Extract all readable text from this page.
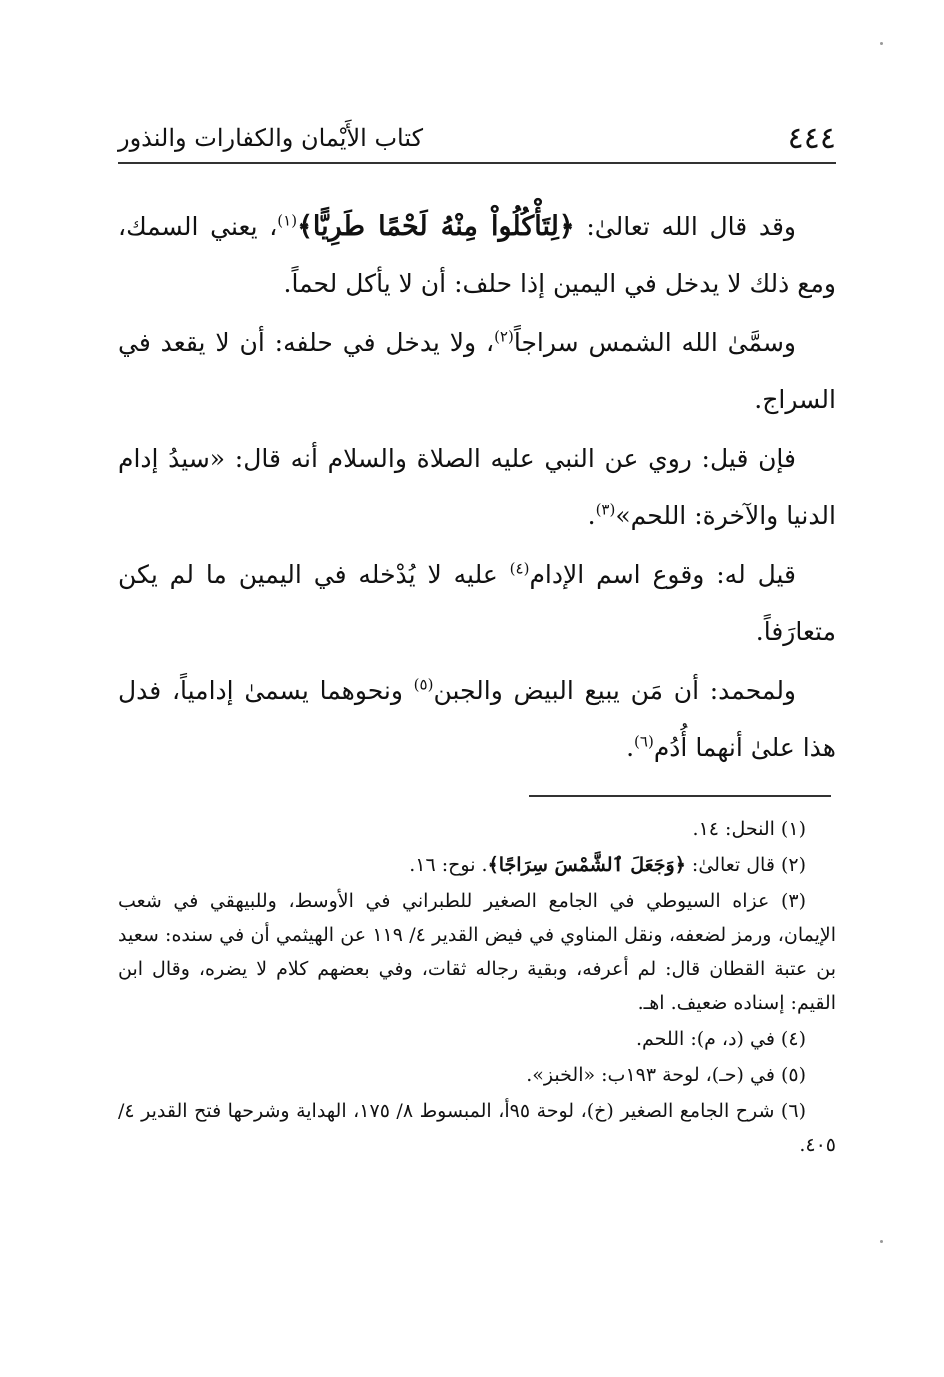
٤٤٤
كتاب الأَيْمان والكفارات والنذور

وقد قال الله تعالىٰ: ﴿لِتَأْكُلُواْ مِنْهُ لَحْمًا طَرِيًّا﴾$^{(١)}$، يعني السمك، ومع ذلك لا يدخل في اليمين إذا حلف: أن لا يأكل لحماً.

وسمَّىٰ الله الشمس سراجاً$^{(٢)}$، ولا يدخل في حلفه: أن لا يقعد في السراج.

فإن قيل: روي عن النبي عليه الصلاة والسلام أنه قال: «سيدُ إدام الدنيا والآخرة: اللحم»$^{(٣)}$.

قيل له: وقوع اسم الإدام$^{(٤)}$ عليه لا يُدْخله في اليمين ما لم يكن متعارَفاً.

ولمحمد: أن مَن يبيع البيض والجبن$^{(٥)}$ ونحوهما يسمىٰ إدامياً، فدل هذا علىٰ أنهما أُدُم$^{(٦)}$.

(١) النحل: ١٤.

(٢) قال تعالىٰ: ﴿وَجَعَلَ ٱلشَّمْسَ سِرَاجًا﴾. نوح: ١٦.

(٣) عزاه السيوطي في الجامع الصغير للطبراني في الأوسط، وللبيهقي في شعب الإيمان، ورمز لضعفه، ونقل المناوي في فيض القدير ٤/ ١١٩ عن الهيثمي أن في سنده: سعيد بن عتبة القطان قال: لم أعرفه، وبقية رجاله ثقات، وفي بعضهم كلام لا يضره، وقال ابن القيم: إسناده ضعيف. اهـ.

(٤) في (د، م): اللحم.

(٥) في (حـ)، لوحة ١٩٣ب: «الخبز».

(٦) شرح الجامع الصغير (خ)، لوحة ٩٥أ، المبسوط ٨/ ١٧٥، الهداية وشرحها فتح القدير ٤/ ٤٠٥.
